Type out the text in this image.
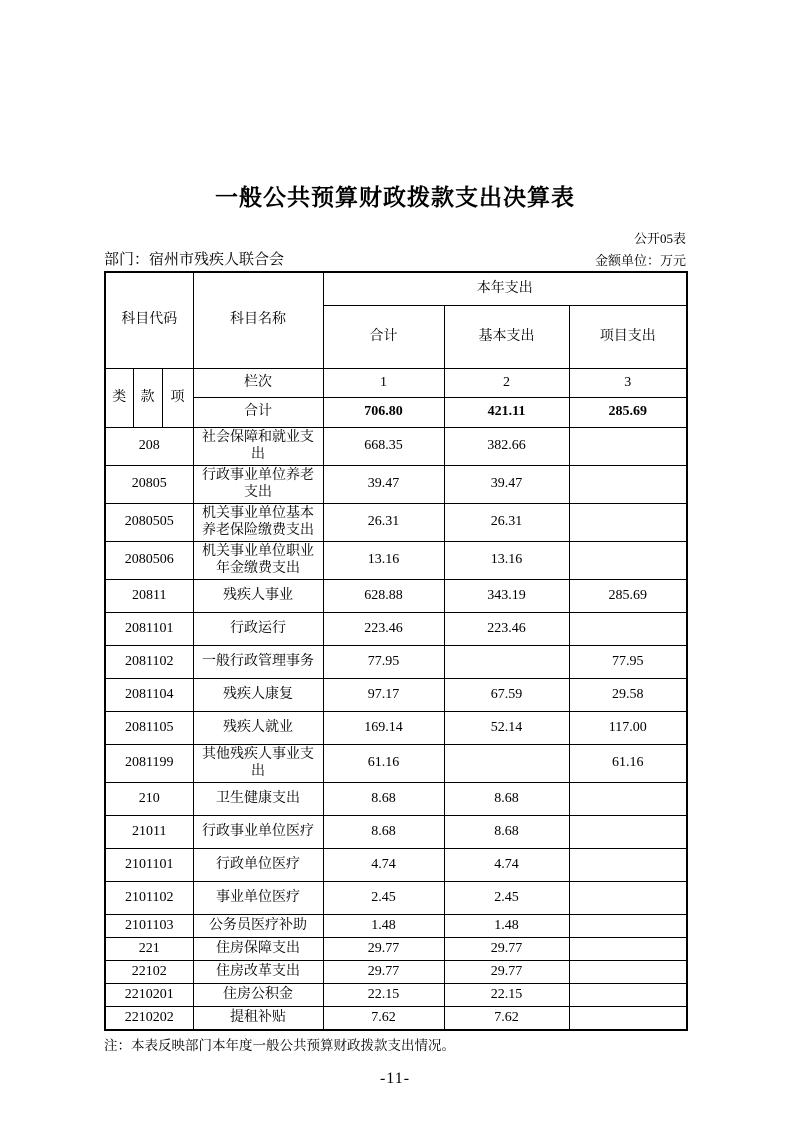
一般公共预算财政拨款支出决算表
公开05表
部门：宿州市残疾人联合会	金额单位：万元
科目代码			科目名称	本年支出		
				合计	基本支出	项目支出
类	款	项	栏次	1	2	3
			合计	706.80	421.11	285.69
208			社会保障和就业支出	668.35	382.66	
20805			行政事业单位养老支出	39.47	39.47	
2080505			机关事业单位基本养老保险缴费支出	26.31	26.31	
2080506			机关事业单位职业年金缴费支出	13.16	13.16	
20811			残疾人事业	628.88	343.19	285.69
2081101			行政运行	223.46	223.46	
2081102			一般行政管理事务	77.95		77.95
2081104			残疾人康复	97.17	67.59	29.58
2081105			残疾人就业	169.14	52.14	117.00
2081199			其他残疾人事业支出	61.16		61.16
210			卫生健康支出	8.68	8.68	
21011			行政事业单位医疗	8.68	8.68	
2101101			行政单位医疗	4.74	4.74	
2101102			事业单位医疗	2.45	2.45	
2101103			公务员医疗补助	1.48	1.48	
221			住房保障支出	29.77	29.77	
22102			住房改革支出	29.77	29.77	
2210201			住房公积金	22.15	22.15	
2210202			提租补贴	7.62	7.62	
注：本表反映部门本年度一般公共预算财政拨款支出情况。
-11-
